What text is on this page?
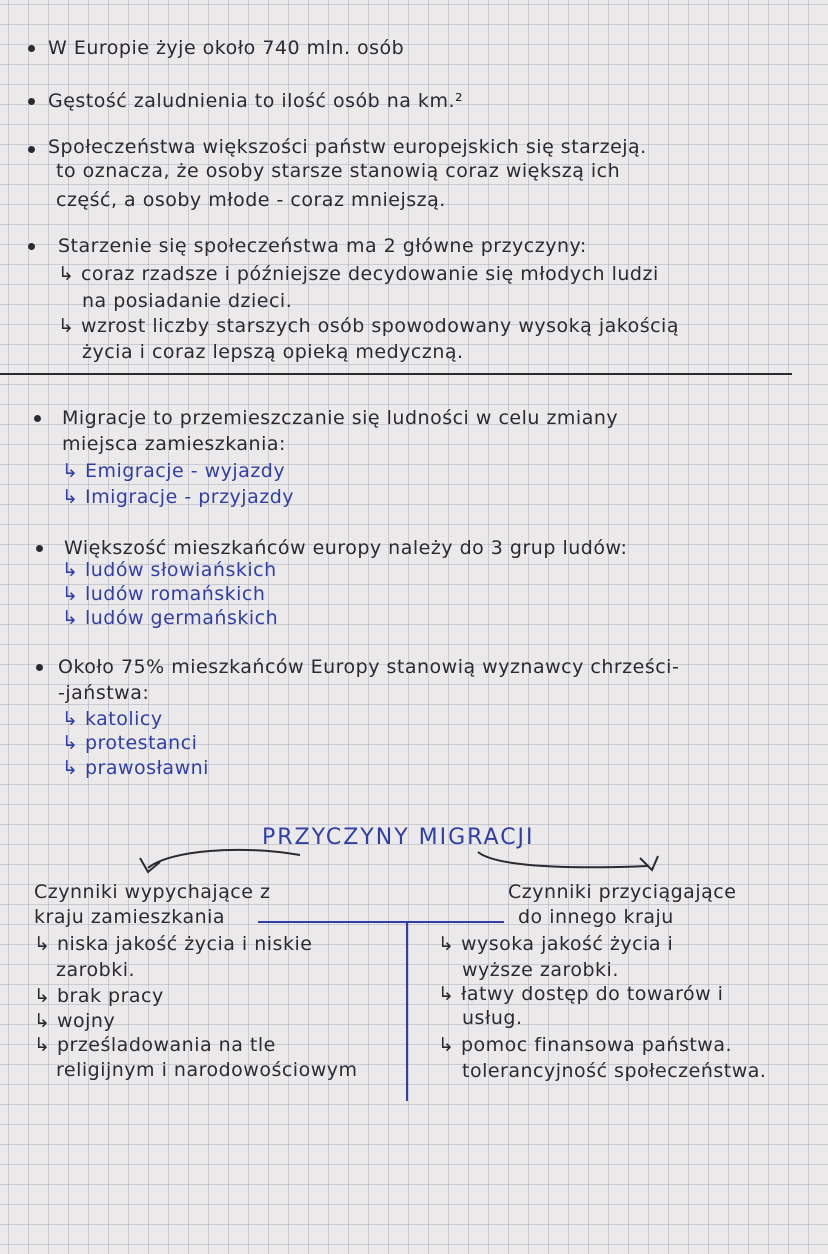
W Europie żyje około 740 mln. osób
Gęstość zaludnienia to ilość osób na km.²
Społeczeństwa większości państw europejskich się starzeją.
to oznacza, że osoby starsze stanowią coraz większą ich
część, a osoby młode - coraz mniejszą.
Starzenie się społeczeństwa ma 2 główne przyczyny:
↳ coraz rzadsze i późniejsze decydowanie się młodych ludzi
na posiadanie dzieci.
↳ wzrost liczby starszych osób spowodowany wysoką jakością
życia i coraz lepszą opieką medyczną.
Migracje to przemieszczanie się ludności w celu zmiany
miejsca zamieszkania:
↳ Emigracje - wyjazdy
↳ Imigracje - przyjazdy
Większość mieszkańców europy należy do 3 grup ludów:
↳ ludów słowiańskich
↳ ludów romańskich
↳ ludów germańskich
Około 75% mieszkańców Europy stanowią wyznawcy chrześci-
-jaństwa:
↳ katolicy
↳ protestanci
↳ prawosławni
PRZYCZYNY MIGRACJI
Czynniki wypychające z
kraju zamieszkania
↳ niska jakość życia i niskie
zarobki.
↳ brak pracy
↳ wojny
↳ prześladowania na tle
religijnym i narodowościowym
Czynniki przyciągające
do innego kraju
↳ wysoka jakość życia i
wyższe zarobki.
↳ łatwy dostęp do towarów i
usług.
↳ pomoc finansowa państwa.
tolerancyjność społeczeństwa.
